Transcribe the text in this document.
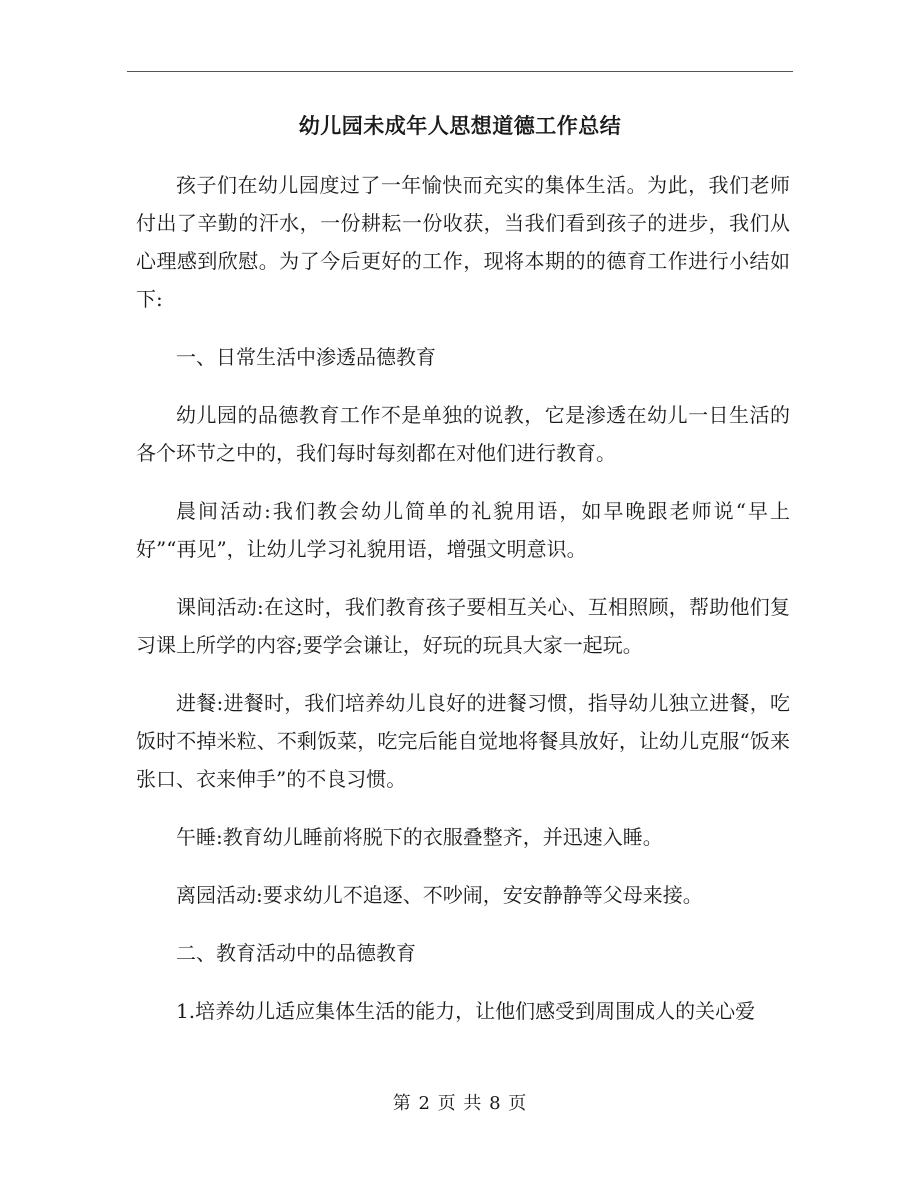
幼儿园未成年人思想道德工作总结

孩子们在幼儿园度过了一年愉快而充实的集体生活。为此，我们老师付出了辛勤的汗水，一份耕耘一份收获，当我们看到孩子的进步，我们从心理感到欣慰。为了今后更好的工作，现将本期的的德育工作进行小结如下:

一、日常生活中渗透品德教育

幼儿园的品德教育工作不是单独的说教，它是渗透在幼儿一日生活的各个环节之中的，我们每时每刻都在对他们进行教育。

晨间活动:我们教会幼儿简单的礼貌用语，如早晚跟老师说“早上好”“再见”，让幼儿学习礼貌用语，增强文明意识。

课间活动:在这时，我们教育孩子要相互关心、互相照顾，帮助他们复习课上所学的内容;要学会谦让，好玩的玩具大家一起玩。

进餐:进餐时，我们培养幼儿良好的进餐习惯，指导幼儿独立进餐，吃饭时不掉米粒、不剩饭菜，吃完后能自觉地将餐具放好，让幼儿克服“饭来张口、衣来伸手”的不良习惯。

午睡:教育幼儿睡前将脱下的衣服叠整齐，并迅速入睡。

离园活动:要求幼儿不追逐、不吵闹，安安静静等父母来接。

二、教育活动中的品德教育

1.培养幼儿适应集体生活的能力，让他们感受到周围成人的关心爱

第 2 页 共 8 页
